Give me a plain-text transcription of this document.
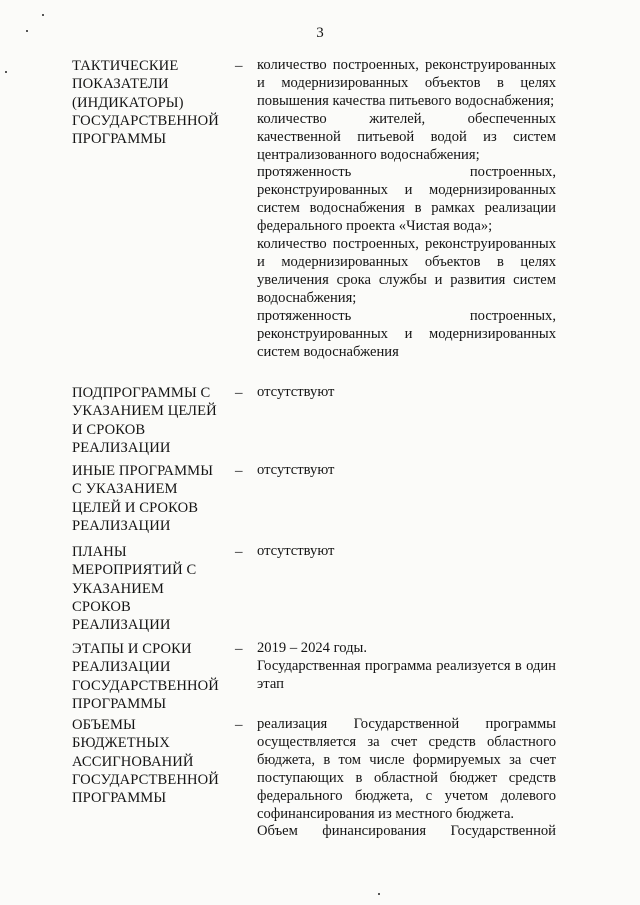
3
ТАКТИЧЕСКИЕ ПОКАЗАТЕЛИ (ИНДИКАТОРЫ) ГОСУДАРСТВЕННОЙ ПРОГРАММЫ
– количество построенных, реконструированных и модернизированных объектов в целях повышения качества питьевого водоснабжения;

количество жителей, обеспеченных качественной питьевой водой из систем централизованного водоснабжения;

протяженность построенных, реконструированных и модернизированных систем водоснабжения в рамках реализации федерального проекта «Чистая вода»;

количество построенных, реконструированных и модернизированных объектов в целях увеличения срока службы и развития систем водоснабжения;

протяженность построенных, реконструированных и модернизированных систем водоснабжения

ПОДПРОГРАММЫ С УКАЗАНИЕМ ЦЕЛЕЙ И СРОКОВ РЕАЛИЗАЦИИ
– отсутствуют

ИНЫЕ ПРОГРАММЫ С УКАЗАНИЕМ ЦЕЛЕЙ И СРОКОВ РЕАЛИЗАЦИИ
– отсутствуют

ПЛАНЫ МЕРОПРИЯТИЙ С УКАЗАНИЕМ СРОКОВ РЕАЛИЗАЦИИ
– отсутствуют

ЭТАПЫ И СРОКИ РЕАЛИЗАЦИИ ГОСУДАРСТВЕННОЙ ПРОГРАММЫ
– 2019 – 2024 годы.

Государственная программа реализуется в один этап

ОБЪЕМЫ БЮДЖЕТНЫХ АССИГНОВАНИЙ ГОСУДАРСТВЕННОЙ ПРОГРАММЫ
– реализация Государственной программы осуществляется за счет средств областного бюджета, в том числе формируемых за счет поступающих в областной бюджет средств федерального бюджета, с учетом долевого софинансирования из местного бюджета.

Объем финансирования Государственной
